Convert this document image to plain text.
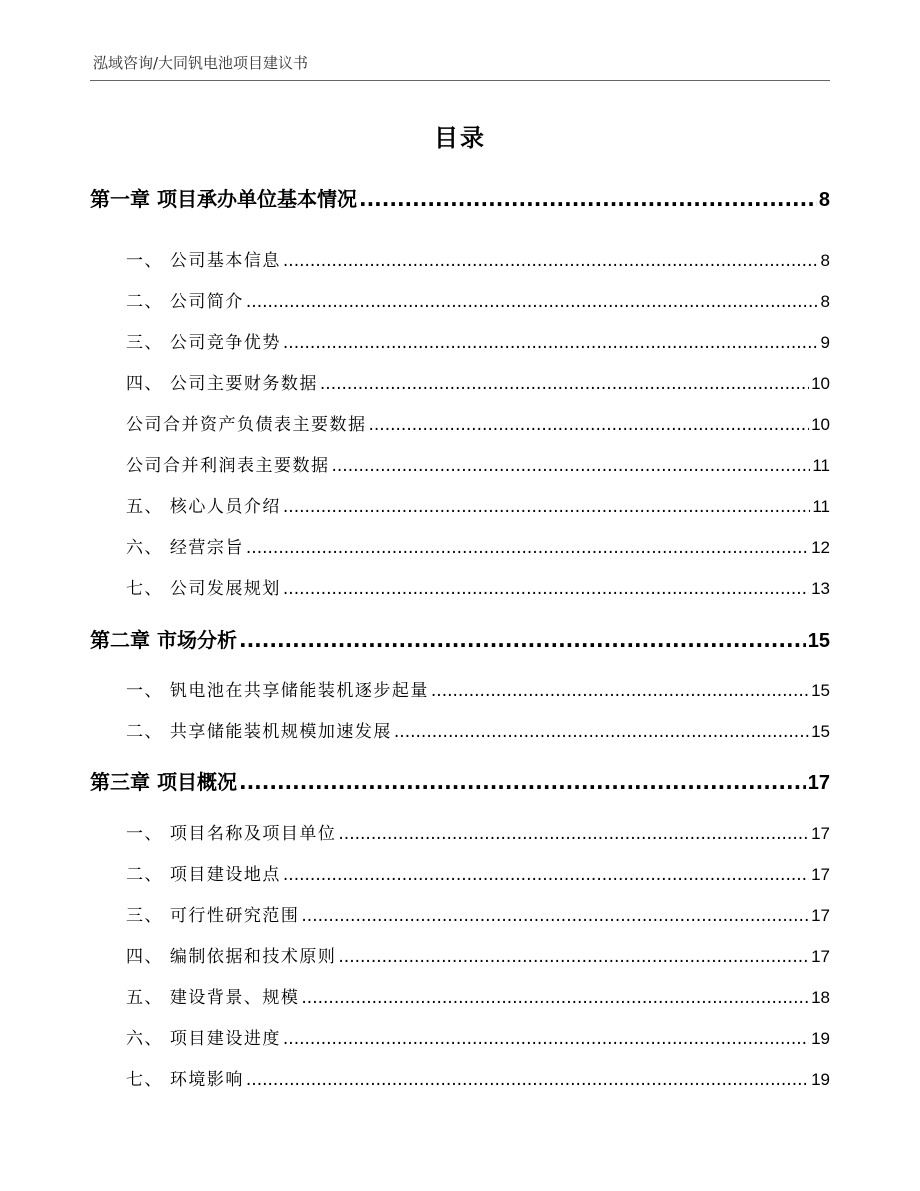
泓域咨询/大同钒电池项目建议书
目录
第一章 项目承办单位基本情况 .....	8
一、 公司基本信息 .....	8
二、 公司简介 .....	8
三、 公司竞争优势 .....	9
四、 公司主要财务数据 .....	10
公司合并资产负债表主要数据 .....	10
公司合并利润表主要数据 .....	11
五、 核心人员介绍 .....	11
六、 经营宗旨 .....	12
七、 公司发展规划 .....	13
第二章 市场分析 .....	15
一、 钒电池在共享储能装机逐步起量 .....	15
二、 共享储能装机规模加速发展 .....	15
第三章 项目概况 .....	17
一、 项目名称及项目单位 .....	17
二、 项目建设地点 .....	17
三、 可行性研究范围 .....	17
四、 编制依据和技术原则 .....	17
五、 建设背景、规模 .....	18
六、 项目建设进度 .....	19
七、 环境影响 .....	19
